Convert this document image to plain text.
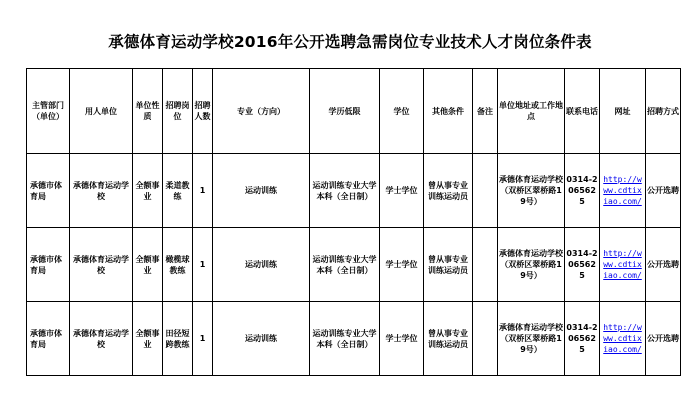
承德体育运动学校2016年公开选聘急需岗位专业技术人才岗位条件表
主管部门（单位）	用人单位	单位性质	招聘岗位	招聘人数	专业（方向）	学历低限	学位	其他条件	备注	单位地址或工作地点	联系电话	网址	招聘方式
承德市体育局	承德体育运动学校	全额事业	柔道教练	1	运动训练	运动训练专业大学本科（全日制）	学士学位	曾从事专业训练运动员		承德体育运动学校（双桥区翠桥路19号）	0314-2065625	http://www.cdtixiao.com/	公开选聘
承德市体育局	承德体育运动学校	全额事业	橄榄球教练	1	运动训练	运动训练专业大学本科（全日制）	学士学位	曾从事专业训练运动员		承德体育运动学校（双桥区翠桥路19号）	0314-2065625	http://www.cdtixiao.com/	公开选聘
承德市体育局	承德体育运动学校	全额事业	田径短跨教练	1	运动训练	运动训练专业大学本科（全日制）	学士学位	曾从事专业训练运动员		承德体育运动学校（双桥区翠桥路19号）	0314-2065625	http://www.cdtixiao.com/	公开选聘
